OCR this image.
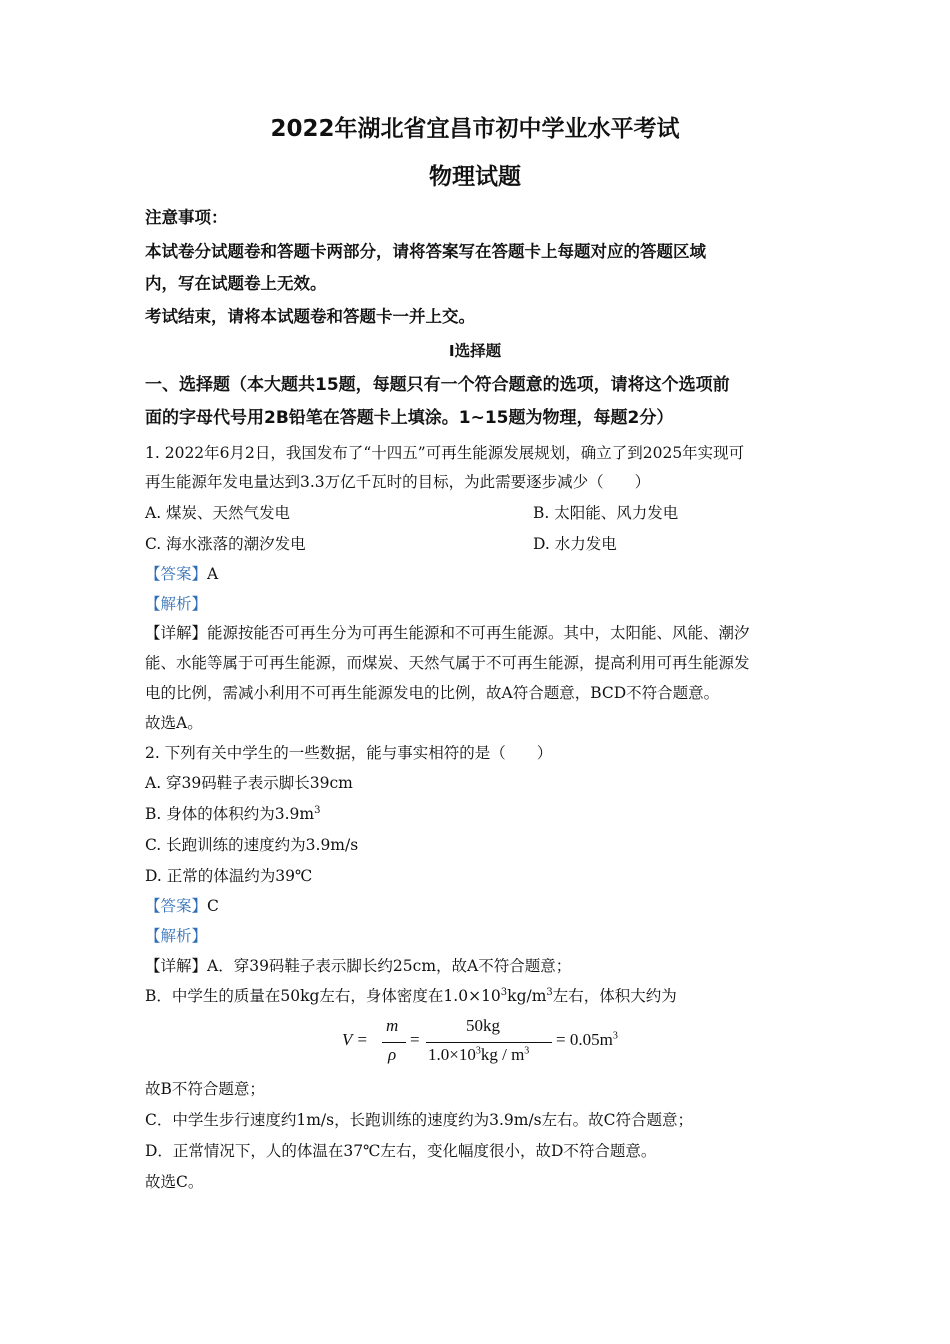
2022年湖北省宜昌市初中学业水平考试
物理试题
注意事项：
本试卷分试题卷和答题卡两部分，请将答案写在答题卡上每题对应的答题区域
内，写在试题卷上无效。
考试结束，请将本试题卷和答题卡一并上交。
I选择题
一、选择题（本大题共15题，每题只有一个符合题意的选项，请将这个选项前
面的字母代号用2B铅笔在答题卡上填涂。1~15题为物理，每题2分）
1. 2022年6月2日，我国发布了“十四五”可再生能源发展规划，确立了到2025年实现可
再生能源年发电量达到3.3万亿千瓦时的目标，为此需要逐步减少（　　）
A. 煤炭、天然气发电	B. 太阳能、风力发电
C. 海水涨落的潮汐发电	D. 水力发电
【答案】A
【解析】
【详解】能源按能否可再生分为可再生能源和不可再生能源。其中，太阳能、风能、潮汐
能、水能等属于可再生能源，而煤炭、天然气属于不可再生能源，提高利用可再生能源发
电的比例，需减小利用不可再生能源发电的比例，故A符合题意，BCD不符合题意。
故选A。
2. 下列有关中学生的一些数据，能与事实相符的是（　　）
A. 穿39码鞋子表示脚长39cm
B. 身体的体积约为$3.9m^3$
C. 长跑训练的速度约为3.9m/s
D. 正常的体温约为39℃
【答案】C
【解析】
【详解】A．穿39码鞋子表示脚长约25cm，故A不符合题意；
B．中学生的质量在50kg左右，身体密度在$1.0\times 10^3kg/m^3$左右，体积大约为
V =
m
ρ
=
50kg
$1.0\times 10^3kg / m^3$
= $0.05m^3$
故B不符合题意；
C．中学生步行速度约1m/s，长跑训练的速度约为3.9m/s左右。故C符合题意；
D．正常情况下，人的体温在37℃左右，变化幅度很小，故D不符合题意。
故选C。
